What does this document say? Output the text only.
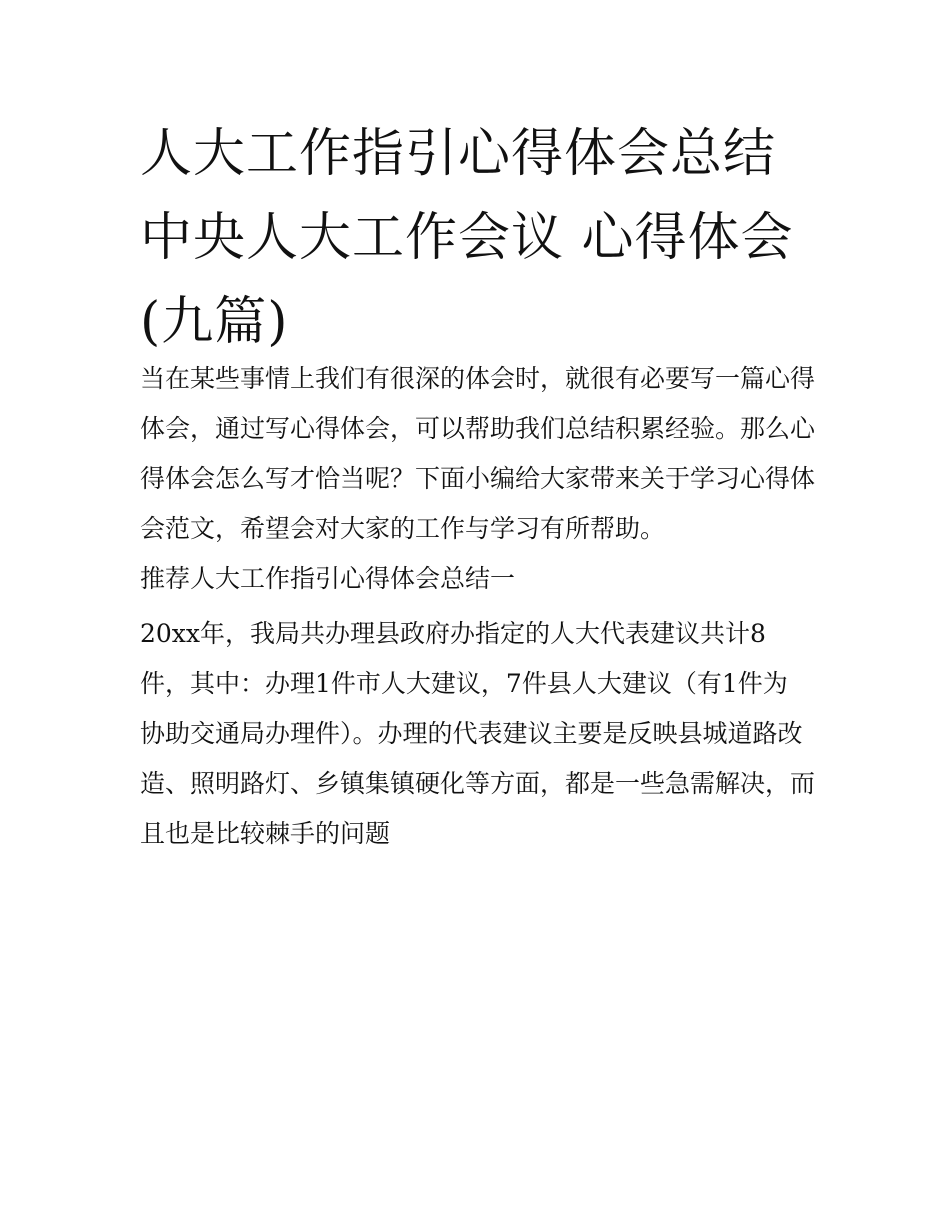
人大工作指引心得体会总结 中央人大工作会议 心得体会(九篇)

当在某些事情上我们有很深的体会时，就很有必要写一篇心得

体会，通过写心得体会，可以帮助我们总结积累经验。那么心

得体会怎么写才恰当呢？下面小编给大家带来关于学习心得体

会范文，希望会对大家的工作与学习有所帮助。

推荐人大工作指引心得体会总结一

20xx年，我局共办理县政府办指定的人大代表建议共计8

件，其中：办理1件市人大建议，7件县人大建议（有1件为

协助交通局办理件）。办理的代表建议主要是反映县城道路改

造、照明路灯、乡镇集镇硬化等方面，都是一些急需解决，而

且也是比较棘手的问题
